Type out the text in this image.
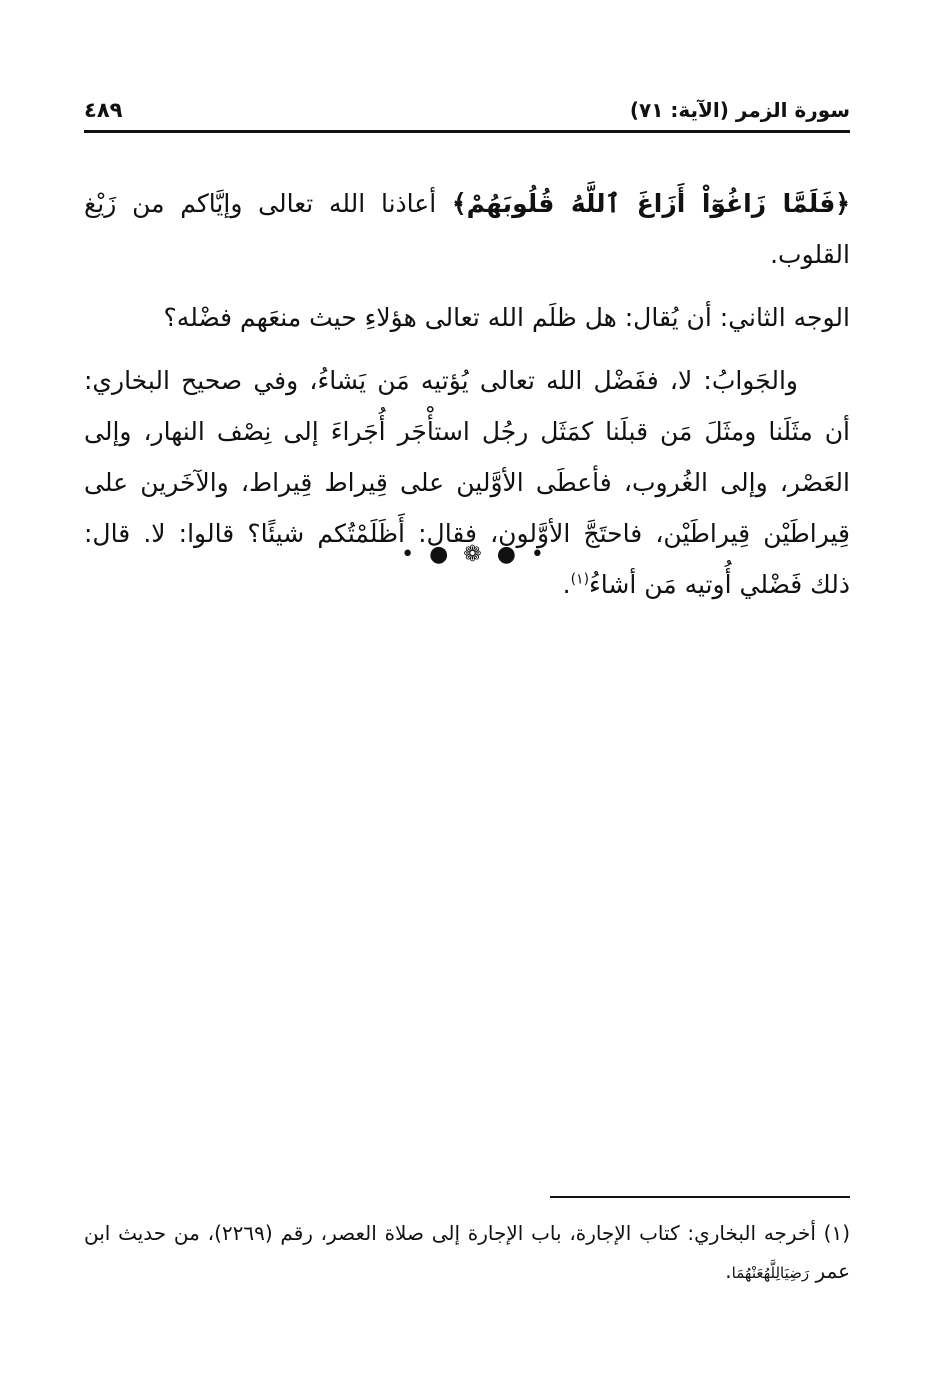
سورة الزمر (الآية: ٧١)
٤٨٩

﴿فَلَمَّا زَاغُوٓاْ أَزَاغَ ٱللَّهُ قُلُوبَهُمْ﴾ أعاذنا الله تعالى وإيَّاكم من زَيْغ القلوب.

الوجه الثاني: أن يُقال: هل ظلَم الله تعالى هؤلاءِ حيث منعَهم فضْله؟

والجَوابُ: لا، ففَضْل الله تعالى يُؤتيه مَن يَشاءُ، وفي صحيح البخاري: أن مثَلَنا ومثَلَ مَن قبلَنا كمَثَل رجُل استأْجَر أُجَراءَ إلى نِصْف النهار، وإلى العَصْر، وإلى الغُروب، فأعطَى الأوَّلين على قِيراط قِيراط، والآخَرين على قِيراطَيْن قِيراطَيْن، فاحتَجَّ الأوَّلون، فقال: أَظَلَمْتُكم شيئًا؟ قالوا: لا. قال: ذلك فَضْلي أُوتيه مَن أشاءُ$^{(١)}$.

• ● ❁ ● •

(١) أخرجه البخاري: كتاب الإجارة، باب الإجارة إلى صلاة العصر، رقم (٢٢٦٩)، من حديث ابن عمر رَضِيَالِلَّهُعَنْهُمَا.
